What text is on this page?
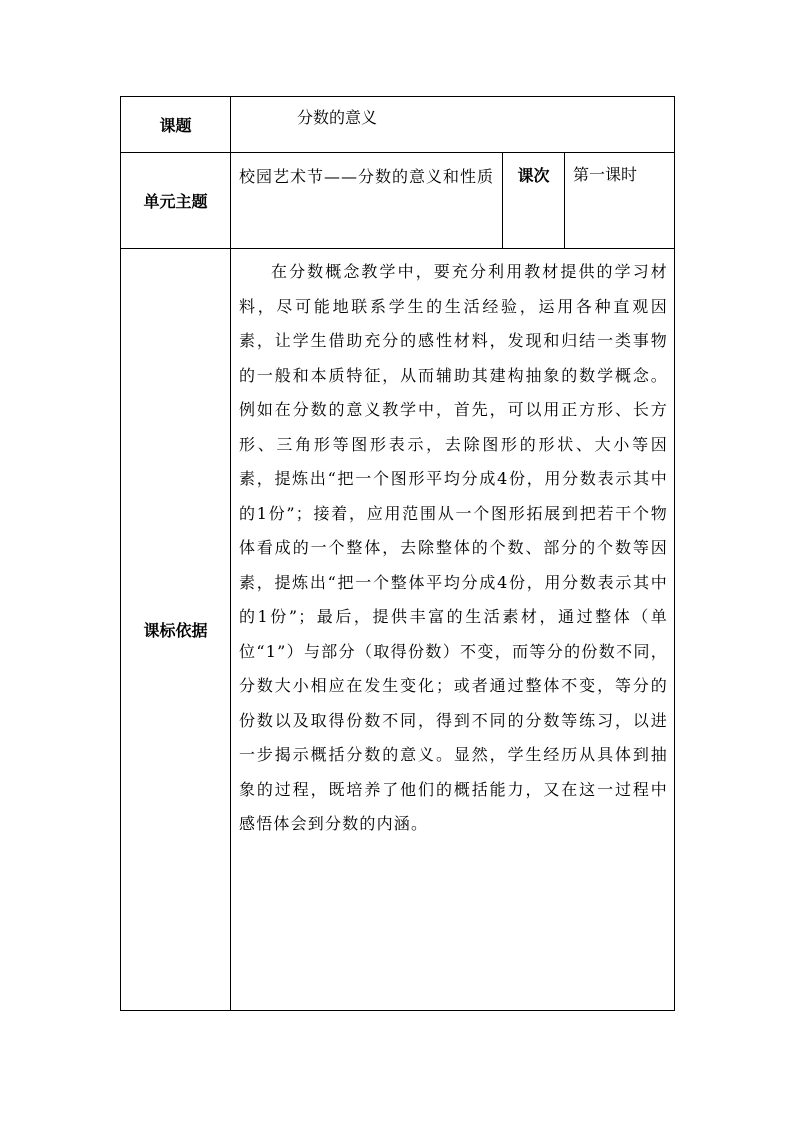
课题	分数的意义		
单元主题	校园艺术节——分数的意义和性质	课次	第一课时
课标依据	在分数概念教学中，要充分利用教材提供的学习材料，尽可能地联系学生的生活经验，运用各种直观因素，让学生借助充分的感性材料，发现和归结一类事物的一般和本质特征，从而辅助其建构抽象的数学概念。例如在分数的意义教学中，首先，可以用正方形、长方形、三角形等图形表示，去除图形的形状、大小等因素，提炼出“把一个图形平均分成4份，用分数表示其中的1份”；接着，应用范围从一个图形拓展到把若干个物体看成的一个整体，去除整体的个数、部分的个数等因素，提炼出“把一个整体平均分成4份，用分数表示其中的1份”；最后，提供丰富的生活素材，通过整体（单位“1”）与部分（取得份数）不变，而等分的份数不同，分数大小相应在发生变化；或者通过整体不变，等分的份数以及取得份数不同，得到不同的分数等练习，以进一步揭示概括分数的意义。显然，学生经历从具体到抽象的过程，既培养了他们的概括能力，又在这一过程中感悟体会到分数的内涵。		
